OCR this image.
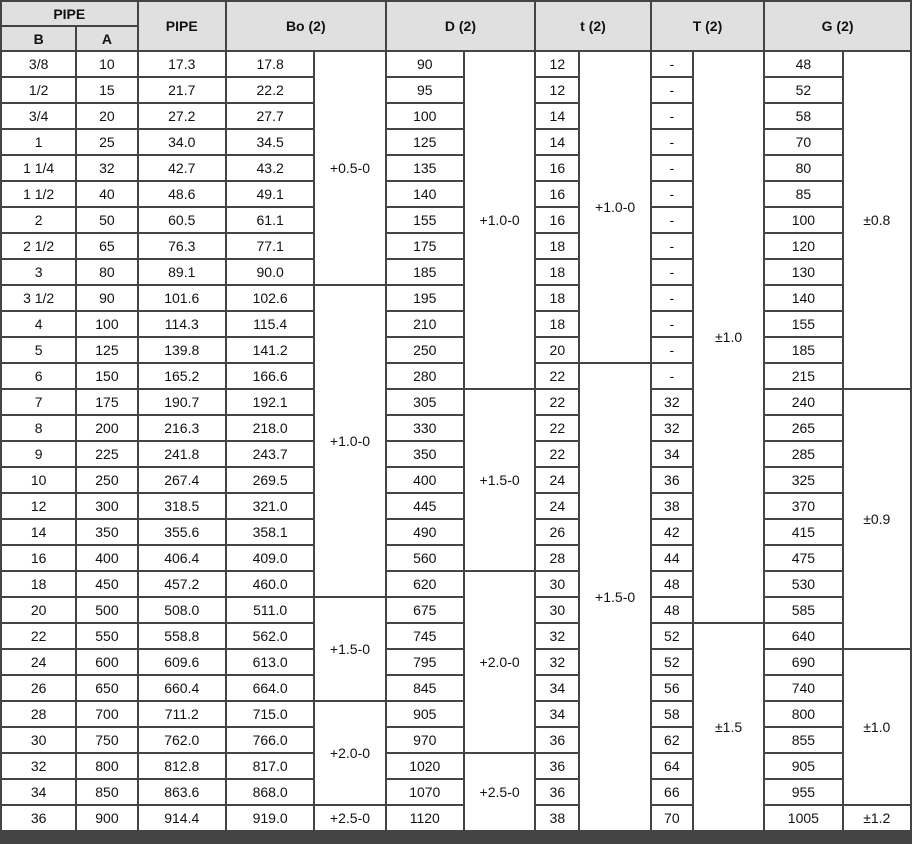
PIPE		PIPE	Bo (2)		D (2)		t (2)		T (2)		G (2)	
B	A											
3/8	10	17.3	17.8	+0.5-0	90	+1.0-0	12	+1.0-0	-	±1.0	48	±0.8
1/2	15	21.7	22.2		95		12		-		52	
3/4	20	27.2	27.7		100		14		-		58	
1	25	34.0	34.5		125		14		-		70	
1 1/4	32	42.7	43.2		135		16		-		80	
1 1/2	40	48.6	49.1		140		16		-		85	
2	50	60.5	61.1		155		16		-		100	
2 1/2	65	76.3	77.1		175		18		-		120	
3	80	89.1	90.0		185		18		-		130	
3 1/2	90	101.6	102.6	+1.0-0	195		18		-		140	
4	100	114.3	115.4		210		18		-		155	
5	125	139.8	141.2		250		20		-		185	
6	150	165.2	166.6		280		22	+1.5-0	-		215	
7	175	190.7	192.1		305	+1.5-0	22		32		240	±0.9
8	200	216.3	218.0		330		22		32		265	
9	225	241.8	243.7		350		22		34		285	
10	250	267.4	269.5		400		24		36		325	
12	300	318.5	321.0		445		24		38		370	
14	350	355.6	358.1		490		26		42		415	
16	400	406.4	409.0		560		28		44		475	
18	450	457.2	460.0		620	+2.0-0	30		48		530	
20	500	508.0	511.0	+1.5-0	675		30		48		585	
22	550	558.8	562.0		745		32		52	±1.5	640	
24	600	609.6	613.0		795		32		52		690	±1.0
26	650	660.4	664.0		845		34		56		740	
28	700	711.2	715.0	+2.0-0	905		34		58		800	
30	750	762.0	766.0		970		36		62		855	
32	800	812.8	817.0		1020	+2.5-0	36		64		905	
34	850	863.6	868.0		1070		36		66		955	
36	900	914.4	919.0	+2.5-0	1120		38		70		1005	±1.2
